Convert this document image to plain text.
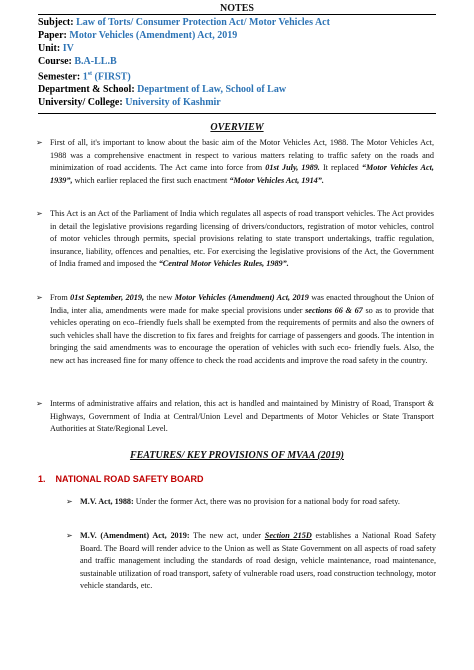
NOTES
Subject: Law of Torts/ Consumer Protection Act/ Motor Vehicles Act
Paper: Motor Vehicles (Amendment) Act, 2019
Unit: IV
Course: B.A-LL.B
Semester: 1st (FIRST)
Department & School: Department of Law, School of Law
University/ College: University of Kashmir
OVERVIEW
➢ First of all, it's important to know about the basic aim of the Motor Vehicles Act, 1988. The Motor Vehicles Act, 1988 was a comprehensive enactment in respect to various matters relating to traffic safety on the roads and minimization of road accidents. The Act came into force from 01st July, 1989. It replaced “Motor Vehicles Act, 1939”, which earlier replaced the first such enactment “Motor Vehicles Act, 1914”.
➢ This Act is an Act of the Parliament of India which regulates all aspects of road transport vehicles. The Act provides in detail the legislative provisions regarding licensing of drivers/conductors, registration of motor vehicles, control of motor vehicles through permits, special provisions relating to state transport undertakings, traffic regulation, insurance, liability, offences and penalties, etc. For exercising the legislative provisions of the Act, the Government of India framed and imposed the “Central Motor Vehicles Rules, 1989”.
➢ From 01st September, 2019, the new Motor Vehicles (Amendment) Act, 2019 was enacted throughout the Union of India, inter alia, amendments were made for make special provisions under sections 66 & 67 so as to provide that vehicles operating on eco–friendly fuels shall be exempted from the requirements of permits and also the owners of such vehicles shall have the discretion to fix fares and freights for carriage of passengers and goods. The intention in bringing the said amendments was to encourage the operation of vehicles with such eco- friendly fuels. Also, the new act has increased fine for many offence to check the road accidents and improve the road safety in the country.
➢ Interms of administrative affairs and relation, this act is handled and maintained by Ministry of Road, Transport & Highways, Government of India at Central/Union Level and Departments of Motor Vehicles or State Transport Authorities at State/Regional Level.
FEATURES/ KEY PROVISIONS OF MVAA (2019)
1. NATIONAL ROAD SAFETY BOARD
➢ M.V. Act, 1988: Under the former Act, there was no provision for a national body for road safety.
➢ M.V. (Amendment) Act, 2019: The new act, under Section 215D establishes a National Road Safety Board. The Board will render advice to the Union as well as State Government on all aspects of road safety and traffic management including the standards of road design, vehicle maintenance, road maintenance, sustainable utilization of road transport, safety of vulnerable road users, road construction technology, motor vehicle standards, etc.
